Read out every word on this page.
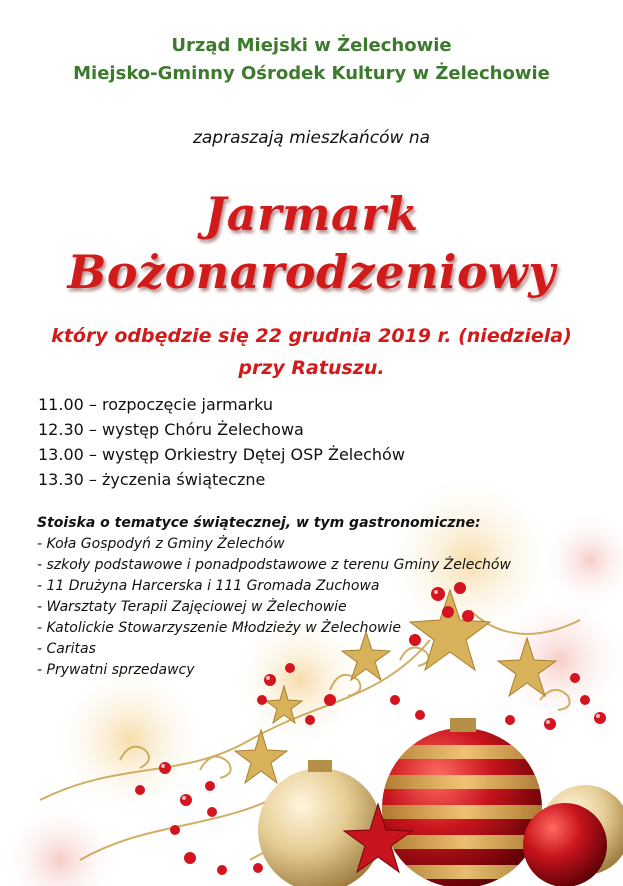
Urząd Miejski w Żelechowie
Miejsko-Gminny Ośrodek Kultury w Żelechowie
zapraszają mieszkańców na
Jarmark
Bożonarodzeniowy
który odbędzie się 22 grudnia 2019 r. (niedziela)
przy Ratuszu.
11.00 – rozpoczęcie jarmarku
12.30 – występ Chóru Żelechowa
13.00 – występ Orkiestry Dętej OSP Żelechów
13.30 – życzenia świąteczne
Stoiska o tematyce świątecznej, w tym gastronomiczne:
- Koła Gospodyń z Gminy Żelechów
- szkoły podstawowe i ponadpodstawowe z terenu Gminy Żelechów
- 11 Drużyna Harcerska i 111 Gromada Zuchowa
- Warsztaty Terapii Zajęciowej w Żelechowie
- Katolickie Stowarzyszenie Młodzieży w Żelechowie
- Caritas
- Prywatni sprzedawcy
